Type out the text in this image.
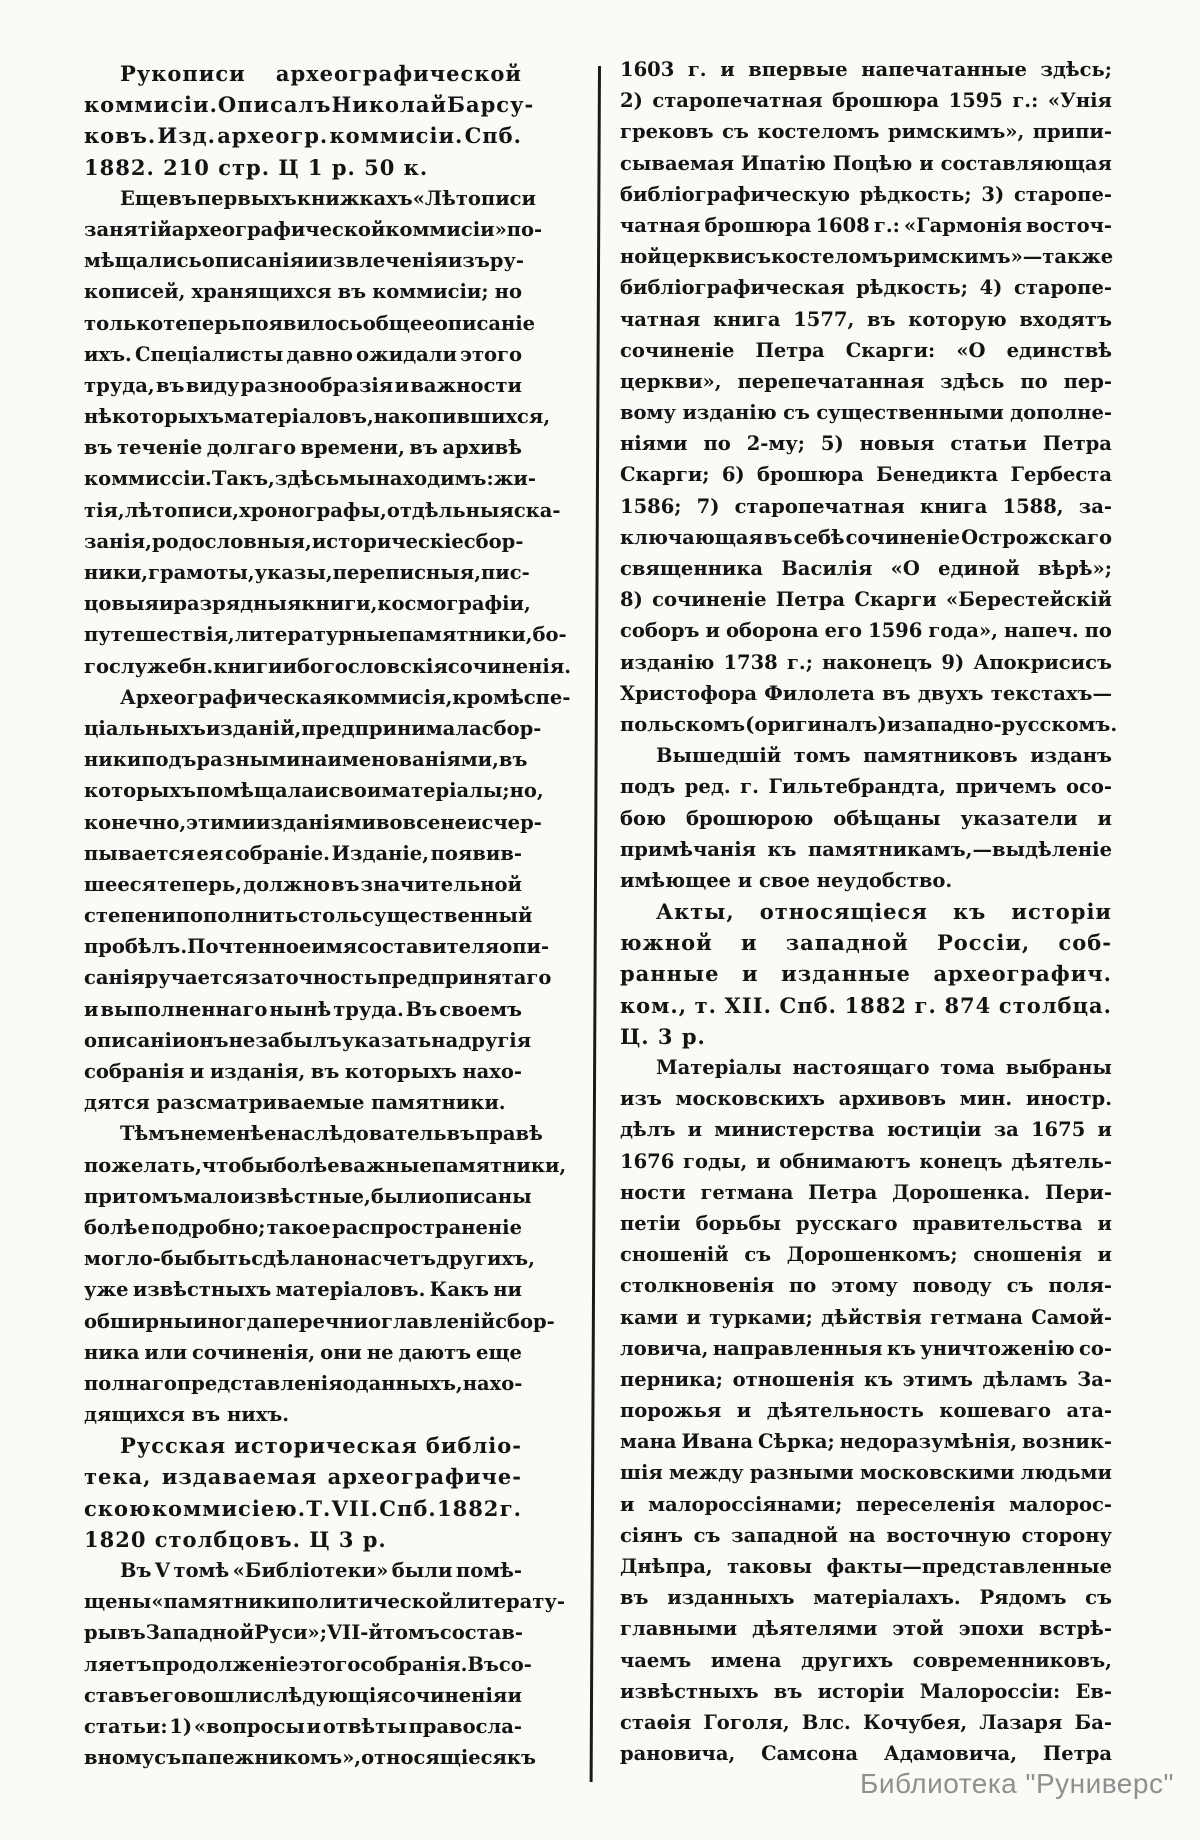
Рукописи археографической
коммисіи. Описалъ Николай Барсу-
ковъ. Изд. археогр. коммисіи. Спб.
1882. 210 стр. Ц 1 р. 50 к.
Еще въ первыхъ книжкахъ «Лѣтописи
занятій археографической коммисіи» по-
мѣщались описанія и извлеченія изъ ру-
кописей, хранящихся въ коммисіи; но
только теперь появилось общее описаніе
ихъ. Спеціалисты давно ожидали этого
труда, въ виду разнообразія и важности
нѣкоторыхъ матеріаловъ, накопившихся,
въ теченіе долгаго времени, въ архивѣ
коммиссіи. Такъ, здѣсь мы находимъ: жи-
тія, лѣтописи, хронографы, отдѣльныя ска-
занія, родословныя, историческіе сбор-
ники, грамоты, указы, переписныя, пис-
цовыя и разрядныя книги, космографіи,
путешествія, литературные памятники, бо-
гослужебн. книги и богословскія сочиненія.
Археографическая коммисія, кромѣ спе-
ціальныхъ изданій, предпринимала сбор-
ники подъ разными наименованіями, въ
которыхъ помѣщала и свои матеріалы; но,
конечно, этими изданіями вовсе не исчер-
пывается ея собраніе. Изданіе, появив-
шееся теперь, должно въ значительной
степени пополнить столь существенный
пробѣлъ. Почтенное имя составителя опи-
санія ручается за точность предпринятаго
и выполненнаго нынѣ труда. Въ своемъ
описаніи онъ не забылъ указать на другія
собранія и изданія, въ которыхъ нахо-
дятся разсматриваемые памятники.
Тѣмъ не менѣе наслѣдователь въ правѣ
пожелать, чтобы болѣе важные памятники,
притомъ малоизвѣстные, были описаны
болѣе подробно; такое распространеніе
могло-бы быть сдѣлано насчетъ другихъ,
уже извѣстныхъ матеріаловъ. Какъ ни
обширны иногда перечни оглавленій сбор-
ника или сочиненія, они не даютъ еще
полнаго представленія о данныхъ, нахо-
дящихся въ нихъ.
Русская историческая библіо-
тека, издаваемая археографиче-
скою коммисіею. Т. VII. Спб. 1882 г.
1820 столбцовъ. Ц 3 р.
Въ V томѣ «Библіотеки» были помѣ-
щены «памятники политической литерату-
ры въ Западной Руси»; VII-й томъ состав-
ляетъ продолженіе этого собранія. Въ со-
ставъ его вошли слѣдующія сочиненія и
статьи: 1) «вопросы и отвѣты правосла-
вному съ папежникомъ», относящіеся къ
1603 г. и впервые напечатанные здѣсь;
2) старопечатная брошюра 1595 г.: «Унія
грековъ съ костеломъ римскимъ», припи-
сываемая Ипатію Поцѣю и составляющая
библіографическую рѣдкость; 3) старопе-
чатная брошюра 1608 г.: «Гармонія восточ-
ной церкви съ костеломъ римскимъ»—также
библіографическая рѣдкость; 4) старопе-
чатная книга 1577, въ которую входятъ
сочиненіе Петра Скарги: «О единствѣ
церкви», перепечатанная здѣсь по пер-
вому изданію съ существенными дополне-
ніями по 2-му; 5) новыя статьи Петра
Скарги; 6) брошюра Бенедикта Гербеста
1586; 7) старопечатная книга 1588, за-
ключающая въ себѣ сочиненіе Острожскаго
священника Василія «О единой вѣрѣ»;
8) сочиненіе Петра Скарги «Берестейскій
соборъ и оборона его 1596 года», напеч. по
изданію 1738 г.; наконецъ 9) Апокрисисъ
Христофора Филолета въ двухъ текстахъ—
польскомъ (оригиналъ) и западно-русскомъ.
Вышедшій томъ памятниковъ изданъ
подъ ред. г. Гильтебрандта, причемъ осо-
бою брошюрою обѣщаны указатели и
примѣчанія къ памятникамъ,—выдѣленіе
имѣющее и свое неудобство.
Акты, относящіеся къ исторіи
южной и западной Россіи, соб-
ранные и изданные археографич.
ком., т. XII. Спб. 1882 г. 874 столбца.
Ц. 3 р.
Матеріалы настоящаго тома выбраны
изъ московскихъ архивовъ мин. иностр.
дѣлъ и министерства юстиціи за 1675 и
1676 годы, и обнимаютъ конецъ дѣятель-
ности гетмана Петра Дорошенка. Пери-
петіи борьбы русскаго правительства и
сношеній съ Дорошенкомъ; сношенія и
столкновенія по этому поводу съ поля-
ками и турками; дѣйствія гетмана Самой-
ловича, направленныя къ уничтоженію со-
перника; отношенія къ этимъ дѣламъ За-
порожья и дѣятельность кошеваго ата-
мана Ивана Сѣрка; недоразумѣнія, возник-
шія между разными московскими людьми
и малороссіянами; переселенія малорос-
сіянъ съ западной на восточную сторону
Днѣпра, таковы факты—представленные
въ изданныхъ матеріалахъ. Рядомъ съ
главными дѣятелями этой эпохи встрѣ-
чаемъ имена другихъ современниковъ,
извѣстныхъ въ исторіи Малороссіи: Ев-
стаѳія Гоголя, Влс. Кочубея, Лазаря Ба-
рановича, Самсона Адамовича, Петра
Библиотека "Руниверс"
